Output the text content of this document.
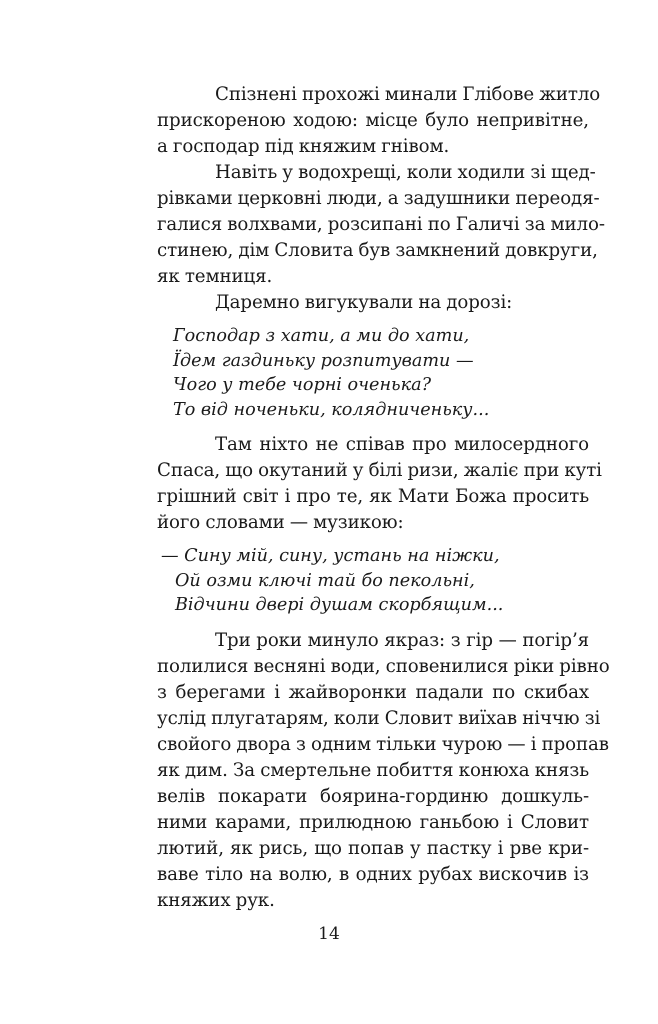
Спізнені прохожі минали Глібове житло
прискореною ходою: місце було непривітне,
а господар під княжим гнівом.

Навіть у водохрещі, коли ходили зі щед-
рівками церковні люди, а задушники переодя-
галися волхвами, розсипані по Галичі за мило-
стинею, дім Словита був замкнений довкруги,
як темниця.

Даремно вигукували на дорозі:

Господар з хати, а ми до хати,
Їдем газдиньку розпитувати —
Чого у тебе чорні оченька?
То від ноченьки, колядниченьку...

Там ніхто не співав про милосердного
Спаса, що окутаний у білі ризи, жаліє при куті
грішний світ і про те, як Мати Божа просить
його словами — музикою:

— Сину мій, сину, устань на ніжки,
Ой озми ключі тай бо пекольні,
Відчини двері душам скорбящим...

Три роки минуло якраз: з гір — погір’я
полилися весняні води, сповенилися ріки рівно
з берегами і жайворонки падали по скибах
услід плугатарям, коли Словит виїхав ніччю зі
свойого двора з одним тільки чурою — і пропав
як дим. За смертельне побиття конюха князь
велів покарати боярина-гординю дошкуль-
ними карами, прилюдною ганьбою і Словит
лютий, як рись, що попав у пастку і рве кри-
ваве тіло на волю, в одних рубах вискочив із
княжих рук.

14
